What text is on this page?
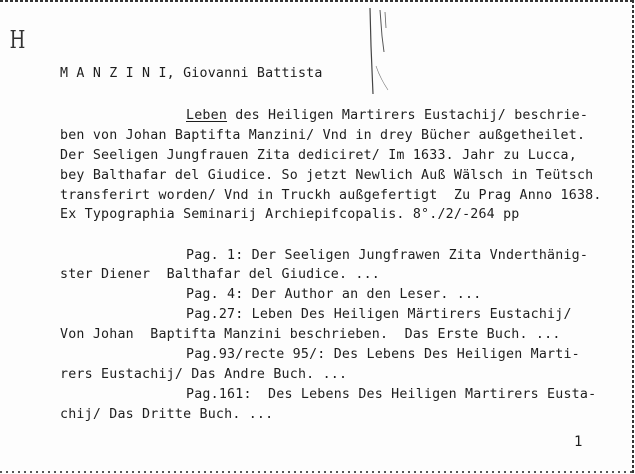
H
M A N Z I N I, Giovanni Battista
Leben des Heiligen Martirers Eustachij/ beschrie-
ben von Johan Baptifta Manzini/ Vnd in drey Bücher außgetheilet.
Der Seeligen Jungfrauen Zita dediciret/ Im 1633. Jahr zu Lucca,
bey Balthafar del Giudice. So jetzt Newlich Auß Wälsch in Teütsch
transferirt worden/ Vnd in Truckh außgefertigt  Zu Prag Anno 1638.
Ex Typographia Seminarij Archiepifcopalis. 8°./2/-264 pp
Pag. 1: Der Seeligen Jungfrawen Zita Vnderthänig-
ster Diener  Balthafar del Giudice. ...
Pag. 4: Der Author an den Leser. ...
Pag.27: Leben Des Heiligen Märtirers Eustachij/
Von Johan  Baptifta Manzini beschrieben.  Das Erste Buch. ...
Pag.93/recte 95/: Des Lebens Des Heiligen Marti-
rers Eustachij/ Das Andre Buch. ...
Pag.161:  Des Lebens Des Heiligen Martirers Eusta-
chij/ Das Dritte Buch. ...
1
